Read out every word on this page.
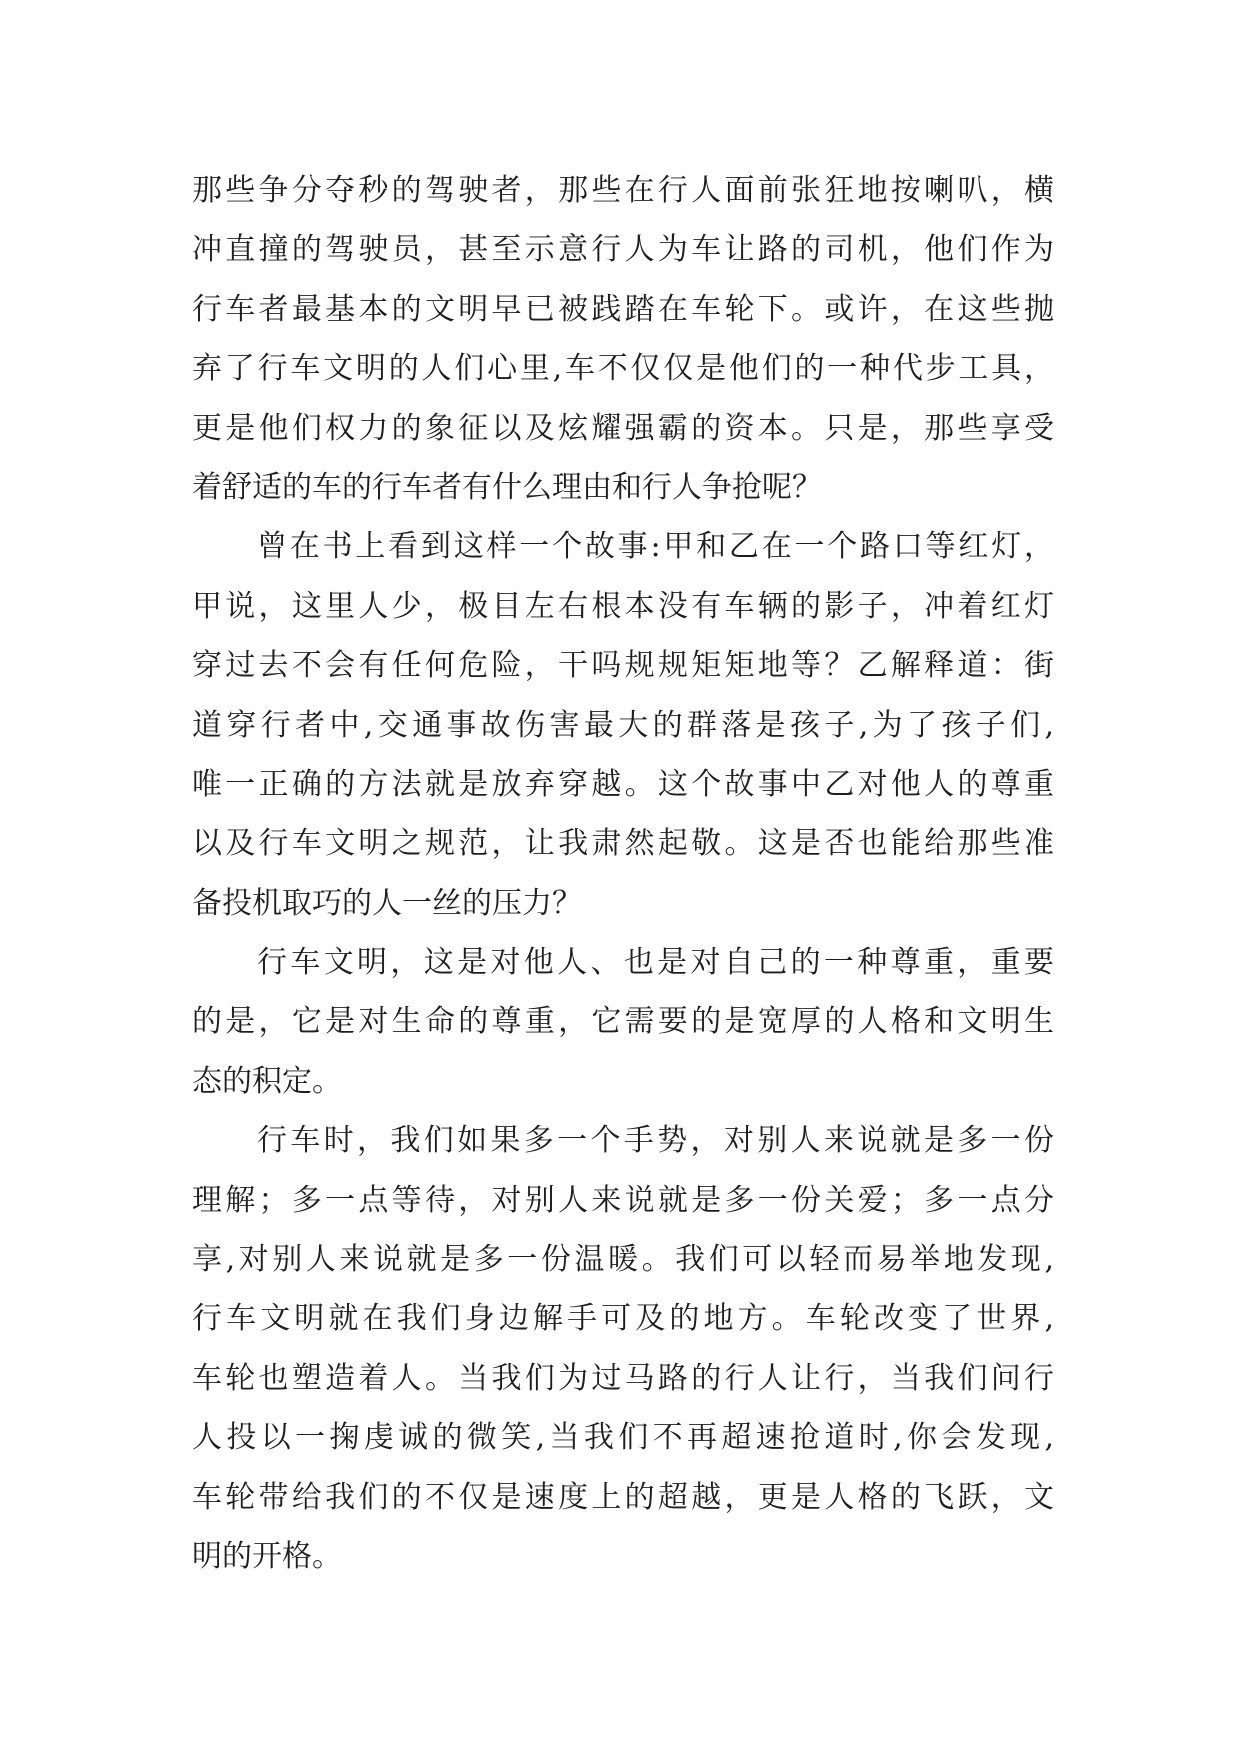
那些争分夺秒的驾驶者，那些在行人面前张狂地按喇叭，横
冲直撞的驾驶员，甚至示意行人为车让路的司机，他们作为
行车者最基本的文明早已被践踏在车轮下。或许，在这些抛
弃了行车文明的人们心里,车不仅仅是他们的一种代步工具，
更是他们权力的象征以及炫耀强霸的资本。只是，那些享受
着舒适的车的行车者有什么理由和行人争抢呢？
曾在书上看到这样一个故事:甲和乙在一个路口等红灯，
甲说，这里人少，极目左右根本没有车辆的影子，冲着红灯
穿过去不会有任何危险，干吗规规矩矩地等？乙解释道：街
道穿行者中,交通事故伤害最大的群落是孩子,为了孩子们,
唯一正确的方法就是放弃穿越。这个故事中乙对他人的尊重
以及行车文明之规范，让我肃然起敬。这是否也能给那些准
备投机取巧的人一丝的压力？
行车文明，这是对他人、也是对自己的一种尊重，重要
的是，它是对生命的尊重，它需要的是宽厚的人格和文明生
态的积定。
行车时，我们如果多一个手势，对别人来说就是多一份
理解；多一点等待，对别人来说就是多一份关爱；多一点分
享,对别人来说就是多一份温暖。我们可以轻而易举地发现,
行车文明就在我们身边解手可及的地方。车轮改变了世界,
车轮也塑造着人。当我们为过马路的行人让行，当我们问行
人投以一掬虔诚的微笑,当我们不再超速抢道时,你会发现,
车轮带给我们的不仅是速度上的超越，更是人格的飞跃，文
明的开格。
